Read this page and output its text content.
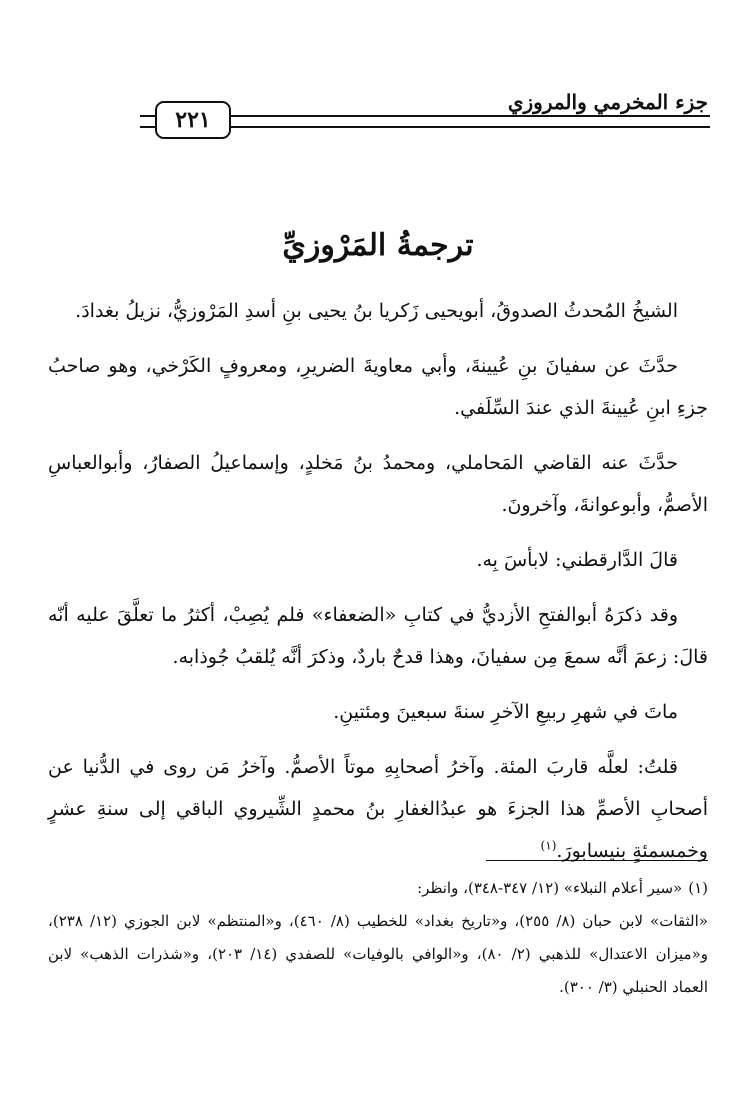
جزء المخرمي والمروزي
٢٢١
ترجمةُ المَرْوزيِّ

الشيخُ المُحدثُ الصدوقُ، أبويحيى زَكريا بنُ يحيى بنِ أسدِ المَرْوزيُّ، نزيلُ بغدادَ.

حدَّثَ عن سفيانَ بنِ عُيينةَ، وأبي معاويةَ الضريرِ، ومعروفٍ الكَرْخي، وهو صاحبُ جزءِ ابنِ عُيينةَ الذي عندَ السِّلَفي.

حدَّثَ عنه القاضي المَحاملي، ومحمدُ بنُ مَخلدٍ، وإسماعيلُ الصفارُ، وأبوالعباسِ الأصمُّ، وأبوعوانةَ، وآخرونَ.

قالَ الدَّارقطني: لابأسَ بِه.

وقد ذكرَهُ أبوالفتحِ الأزديُّ في كتابِ «الضعفاء» فلم يُصِبْ، أكثرُ ما تعلَّقَ عليه أنّه قالَ: زعمَ أنَّه سمعَ مِن سفيانَ، وهذا قدحٌ باردٌ، وذكرَ أنَّه يُلقبُ جُوذابه.

ماتَ في شهرِ ربيعِ الآخرِ سنةَ سبعينَ ومئتينِ.

قلتُ: لعلَّه قاربَ المئة. وآخرُ أصحابِهِ موتاً الأصمُّ. وآخرُ مَن روى في الدُّنيا عن أصحابِ الأصمِّ هذا الجزءَ هو عبدُالغفارِ بنُ محمدٍ الشِّيروي الباقي إلى سنةِ عشرٍ وخمسمئةٍ بنيسابورَ.$^{(١)}$

(١)«سير أعلام النبلاء» (١٢/ ٣٤٧-٣٤٨)، وانظر:

«الثقات» لابن حبان (٨/ ٢٥٥)، و«تاريخ بغداد» للخطيب (٨/ ٤٦٠)، و«المنتظم» لابن الجوزي (١٢/ ٢٣٨)، و«ميزان الاعتدال» للذهبي (٢/ ٨٠)، و«الوافي بالوفيات» للصفدي (١٤/ ٢٠٣)، و«شذرات الذهب» لابن العماد الحنبلي (٣/ ٣٠٠).
